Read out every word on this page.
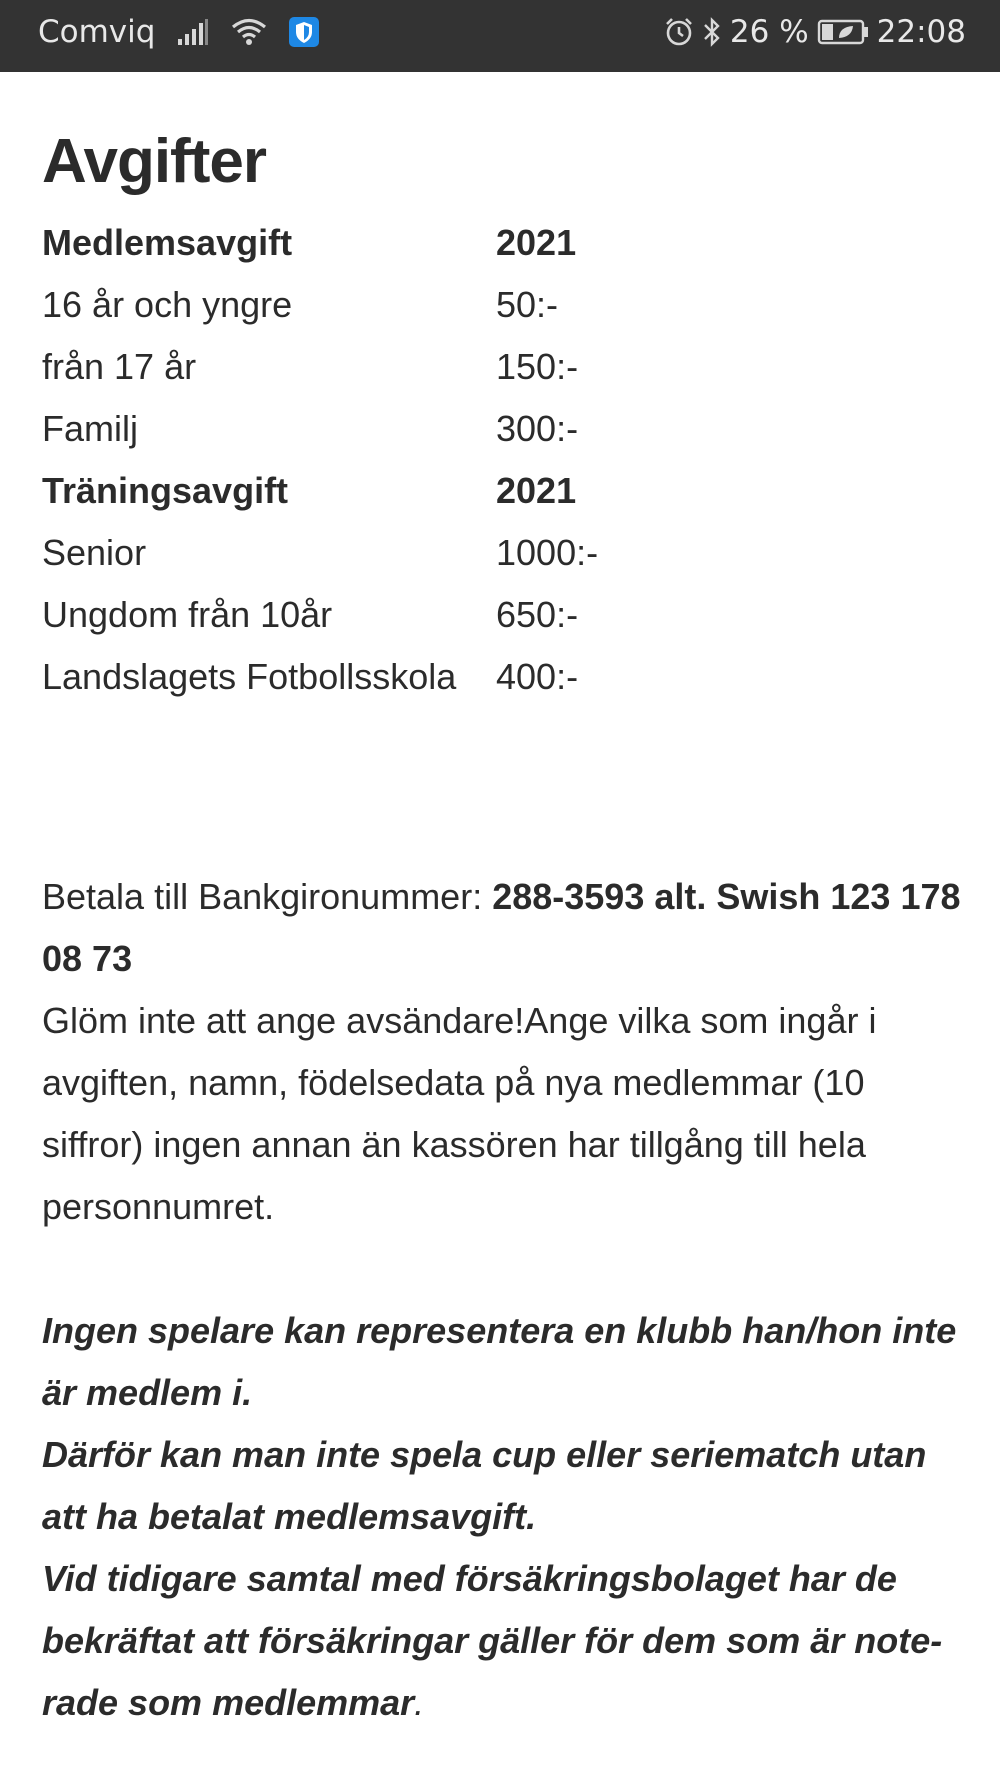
Comviq	26 % 22:08
Avgifter
Medlemsavgift	2021
16 år och yngre	50:-
från 17 år	150:-
Familj	300:-
Träningsavgift	2021
Senior	1000:-
Ungdom från 10år	650:-
Landslagets Fotbollsskola	400:-
Betala till Bankgironummer: 288-3593 alt. Swish 123 178 08 73
Glöm inte att ange avsändare!Ange vilka som ingår i avgiften, namn, födelsedata på nya medlemmar (10 siffror) ingen annan än kassören har tillgång till hela personnumret.
Ingen spelare kan representera en klubb han/hon inte är medlem i.
Därför kan man inte spela cup eller seriematch utan att ha betalat medlemsavgift.
Vid tidigare samtal med försäkringsbolaget har de bekräftat att försäkringar gäller för dem som är noterade som medlemmar.
